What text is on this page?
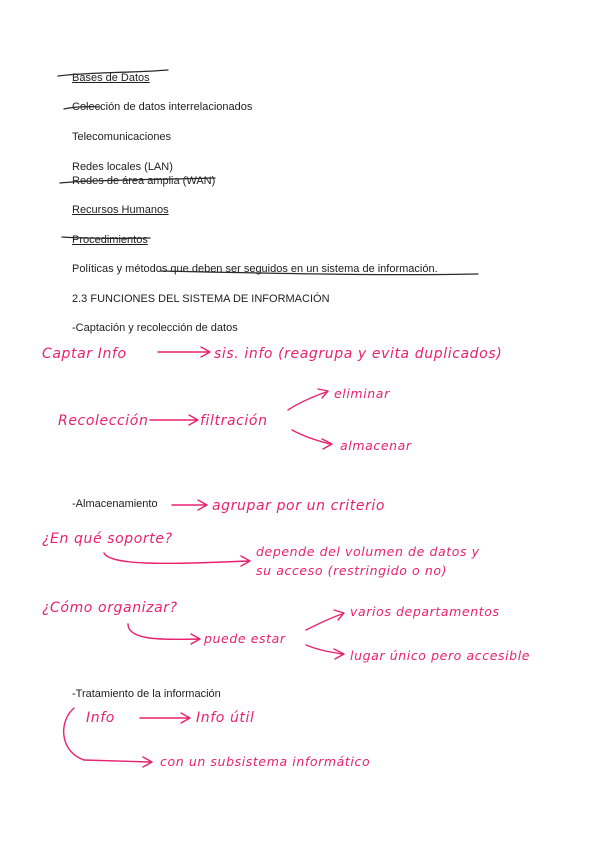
Bases de Datos
Colección de datos interrelacionados
Telecomunicaciones
Redes locales (LAN)
Redes de área amplia (WAN)
Recursos Humanos
Procedimientos
Políticas y métodos que deben ser seguidos en un sistema de información.
2.3 FUNCIONES DEL SISTEMA DE INFORMACIÓN
-Captación y recolección de datos
-Almacenamiento
-Tratamiento de la información
Captar Info	sis. info (reagrupa y evita duplicados)
Recolección	filtración
eliminar
almacenar
agrupar por un criterio
¿En qué soporte?
depende del volumen de datos y
su acceso (restringido o no)
¿Cómo organizar?
puede estar
varios departamentos
lugar único pero accesible
Info	Info útil
con un subsistema informático
